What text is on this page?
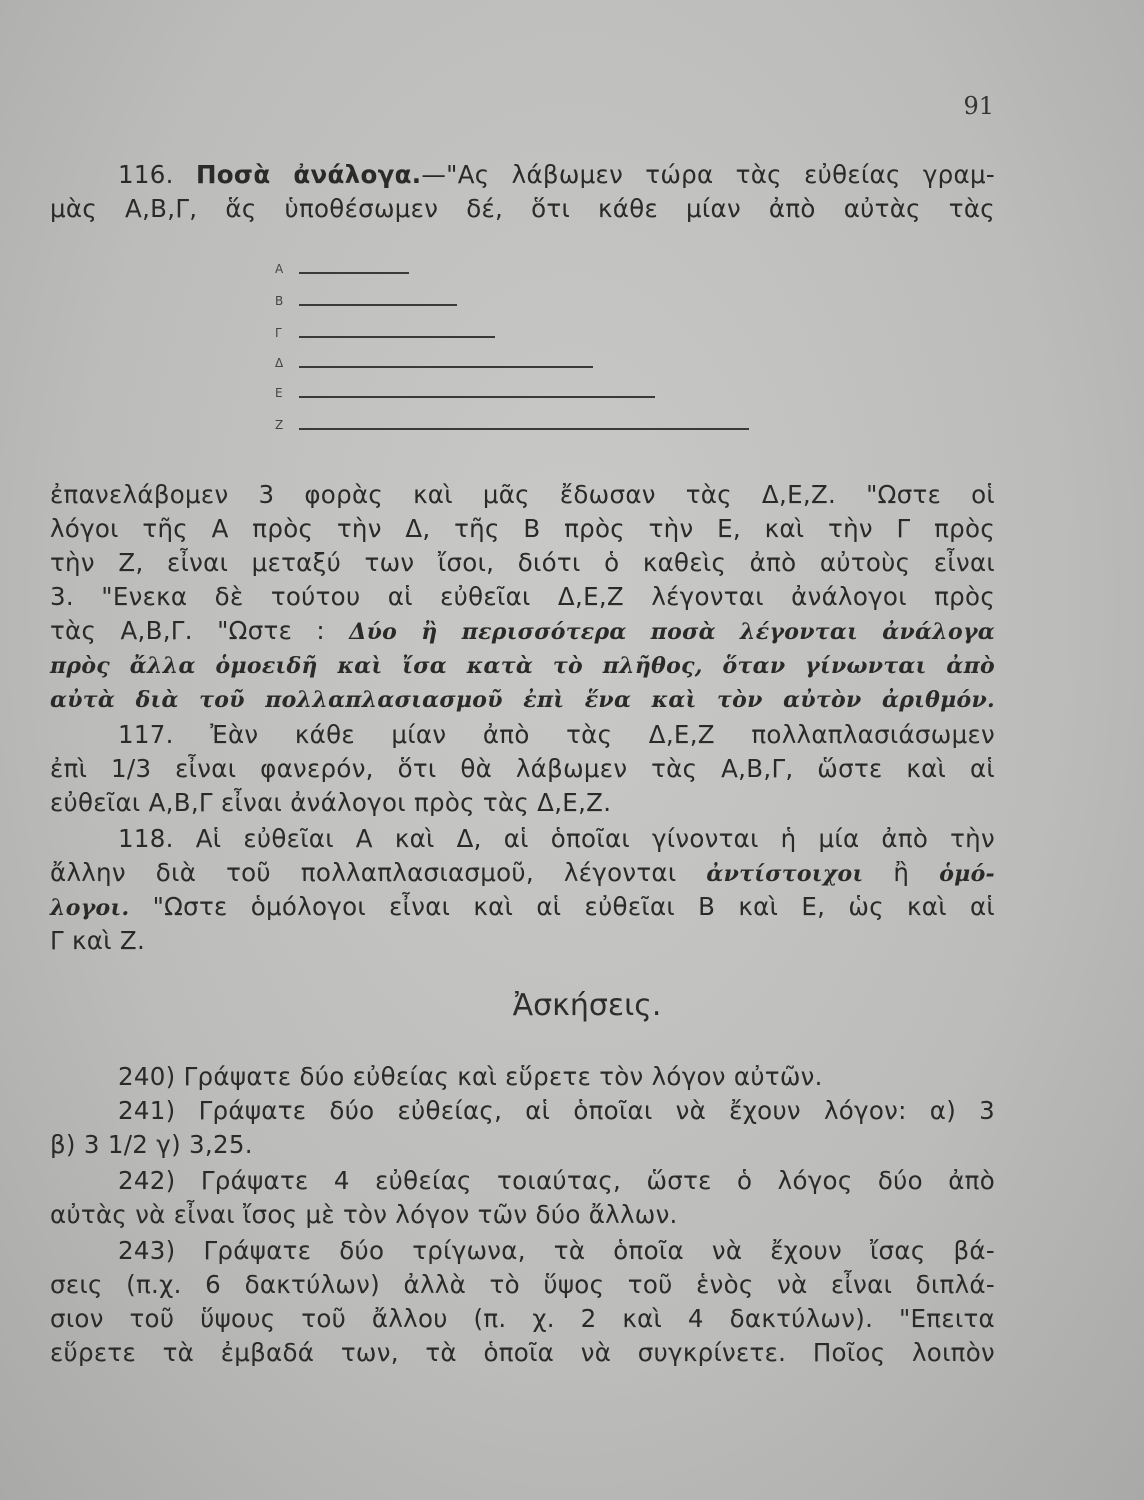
91
116. Ποσὰ ἀνάλογα.—"Ας λάβωμεν τώρα τὰς εὐθείας γραμ-
μὰς Α,Β,Γ, ἅς ὑποθέσωμεν δέ, ὅτι κάθε μίαν ἀπὸ αὐτὰς τὰς
Α
Β
Γ
Δ
Ε
Ζ
ἐπανελάβομεν 3 φορὰς καὶ μᾶς ἔδωσαν τὰς Δ,Ε,Ζ. "Ωστε οἱ
λόγοι τῆς Α πρὸς τὴν Δ, τῆς Β πρὸς τὴν Ε, καὶ τὴν Γ πρὸς
τὴν Ζ, εἶναι μεταξύ των ἴσοι, διότι ὁ καθεὶς ἀπὸ αὐτοὺς εἶναι
3. "Ενεκα δὲ τούτου αἱ εὐθεῖαι Δ,Ε,Ζ λέγονται ἀνάλογοι πρὸς
τὰς Α,Β,Γ. "Ωστε : Δύο ἢ περισσότερα ποσὰ λέγονται ἀνάλογα
πρὸς ἄλλα ὁμοειδῆ καὶ ἴσα κατὰ τὸ πλῆθος, ὅταν γίνωνται ἀπὸ
αὐτὰ διὰ τοῦ πολλαπλασιασμοῦ ἐπὶ ἕνα καὶ τὸν αὐτὸν ἀριθμόν.
117. Ἐὰν κάθε μίαν ἀπὸ τὰς Δ,Ε,Ζ πολλαπλασιάσωμεν
ἐπὶ 1/3 εἶναι φανερόν, ὅτι θὰ λάβωμεν τὰς Α,Β,Γ, ὥστε καὶ αἱ
εὐθεῖαι Α,Β,Γ εἶναι ἀνάλογοι πρὸς τὰς Δ,Ε,Ζ.
118. Αἱ εὐθεῖαι Α καὶ Δ, αἱ ὁποῖαι γίνονται ἡ μία ἀπὸ τὴν
ἄλλην διὰ τοῦ πολλαπλασιασμοῦ, λέγονται ἀντίστοιχοι ἢ ὁμό-
λογοι. "Ωστε ὁμόλογοι εἶναι καὶ αἱ εὐθεῖαι Β καὶ Ε, ὡς καὶ αἱ
Γ καὶ Ζ.
Ἀσκήσεις.
240) Γράψατε δύο εὐθείας καὶ εὕρετε τὸν λόγον αὐτῶν.
241) Γράψατε δύο εὐθείας, αἱ ὁποῖαι νὰ ἔχουν λόγον: α) 3
β) 3 1/2 γ) 3,25.
242) Γράψατε 4 εὐθείας τοιαύτας, ὥστε ὁ λόγος δύο ἀπὸ
αὐτὰς νὰ εἶναι ἴσος μὲ τὸν λόγον τῶν δύο ἄλλων.
243) Γράψατε δύο τρίγωνα, τὰ ὁποῖα νὰ ἔχουν ἴσας βά-
σεις (π.χ. 6 δακτύλων) ἀλλὰ τὸ ὕψος τοῦ ἑνὸς νὰ εἶναι διπλά-
σιον τοῦ ὕψους τοῦ ἄλλου (π. χ. 2 καὶ 4 δακτύλων). "Επειτα
εὕρετε τὰ ἐμβαδά των, τὰ ὁποῖα νὰ συγκρίνετε. Ποῖος λοιπὸν
